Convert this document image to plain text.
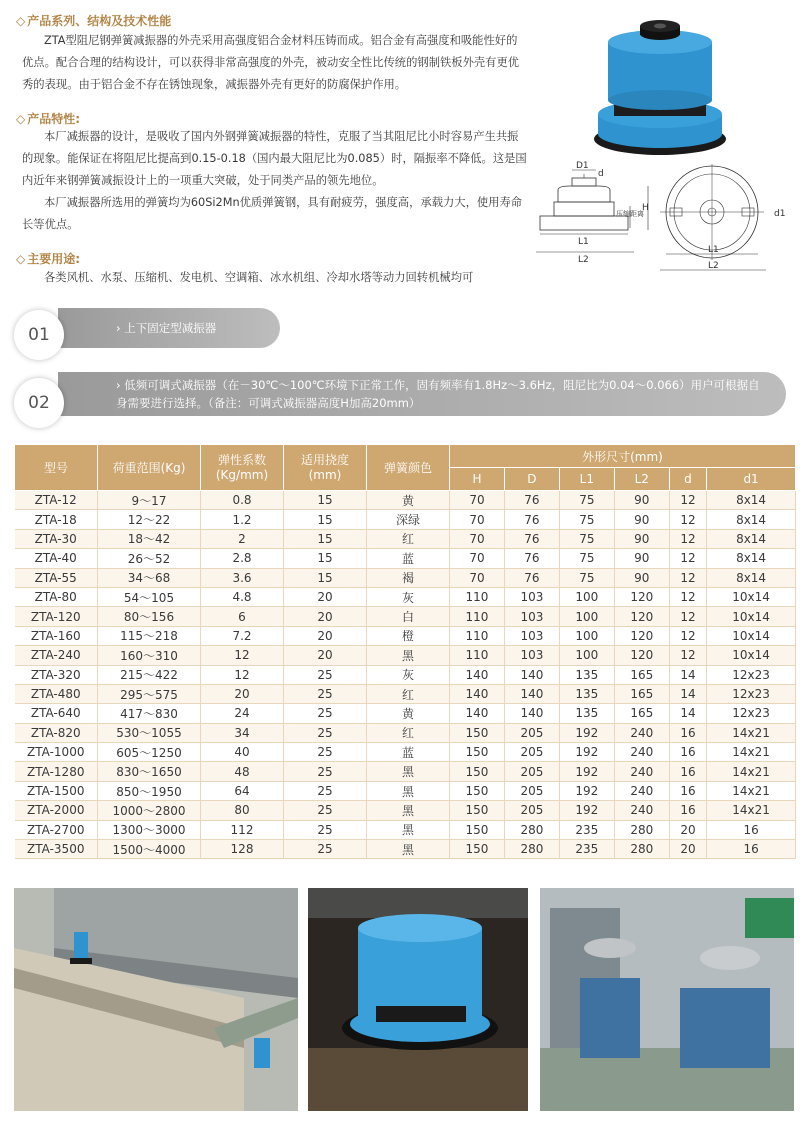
◇ 产品系列、结构及技术性能

ZTA型阻尼钢弹簧减振器的外壳采用高强度铝合金材料压铸而成。铝合金有高强度和吸能性好的优点。配合合理的结构设计，可以获得非常高强度的外壳，被动安全性比传统的钢制铁板外壳有更优秀的表现。由于铝合金不存在锈蚀现象，减振器外壳有更好的防腐保护作用。

◇ 产品特性:

本厂减振器的设计，是吸收了国内外钢弹簧减振器的特性，克服了当其阻尼比小时容易产生共振的现象。能保证在将阻尼比提高到0.15-0.18（国内最大阻尼比为0.085）时，隔振率不降低。这是国内近年来钢弹簧减振设计上的一项重大突破，处于同类产品的领先地位。

本厂减振器所选用的弹簧均为60Si2Mn优质弹簧钢，具有耐疲劳，强度高，承载力大，使用寿命长等优点。

◇ 主要用途:

各类风机、水泵、压缩机、发电机、空调箱、冰水机组、冷却水塔等动力回转机械均可

D1
d
H
压缩距离
L1
L2
L1
L2
d1
› 上下固定型减振器
01
› 低频可调式减振器（在－30℃～100℃环境下正常工作，固有频率有1.8Hz～3.6Hz，阻尼比为0.04～0.066）用户可根据自身需要进行选择。（备注：可调式减振器高度H加高20mm）
02
型号	荷重范围(Kg)	弹性系数
(Kg/mm)	适用挠度
(mm)	弹簧颜色	外形尺寸(mm)					
					H	D	L1	L2	d	d1
ZTA-12	9～17	0.8	15	黄	70	76	75	90	12	8x14
ZTA-18	12～22	1.2	15	深绿	70	76	75	90	12	8x14
ZTA-30	18～42	2	15	红	70	76	75	90	12	8x14
ZTA-40	26～52	2.8	15	蓝	70	76	75	90	12	8x14
ZTA-55	34～68	3.6	15	褐	70	76	75	90	12	8x14
ZTA-80	54～105	4.8	20	灰	110	103	100	120	12	10x14
ZTA-120	80～156	6	20	白	110	103	100	120	12	10x14
ZTA-160	115～218	7.2	20	橙	110	103	100	120	12	10x14
ZTA-240	160～310	12	20	黑	110	103	100	120	12	10x14
ZTA-320	215～422	12	25	灰	140	140	135	165	14	12x23
ZTA-480	295～575	20	25	红	140	140	135	165	14	12x23
ZTA-640	417～830	24	25	黄	140	140	135	165	14	12x23
ZTA-820	530～1055	34	25	红	150	205	192	240	16	14x21
ZTA-1000	605～1250	40	25	蓝	150	205	192	240	16	14x21
ZTA-1280	830～1650	48	25	黑	150	205	192	240	16	14x21
ZTA-1500	850～1950	64	25	黑	150	205	192	240	16	14x21
ZTA-2000	1000～2800	80	25	黑	150	205	192	240	16	14x21
ZTA-2700	1300～3000	112	25	黑	150	280	235	280	20	16
ZTA-3500	1500～4000	128	25	黑	150	280	235	280	20	16
